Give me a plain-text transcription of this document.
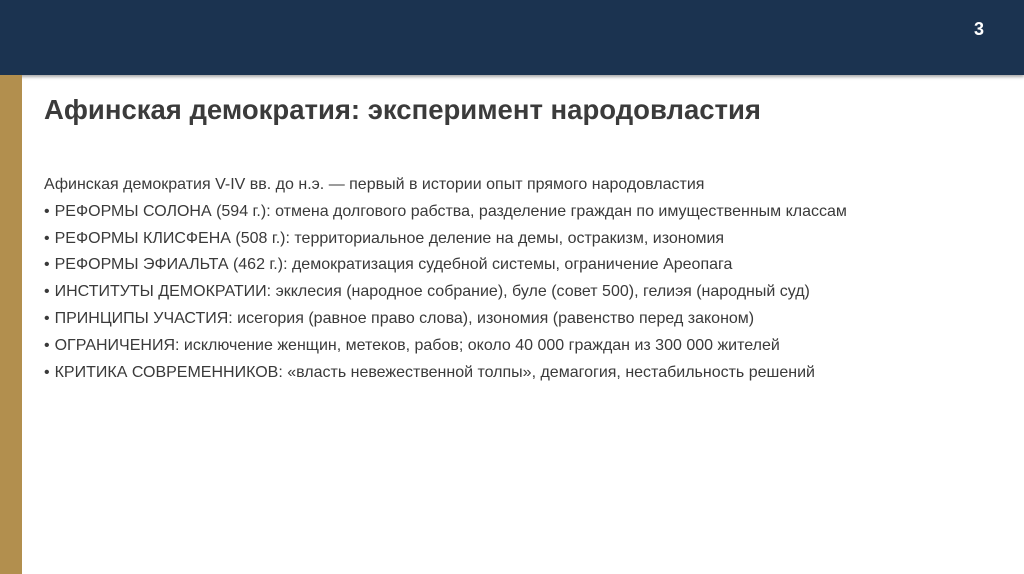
3
Афинская демократия: эксперимент народовластия

Афинская демократия V-IV вв. до н.э. — первый в истории опыт прямого народовластия

• РЕФОРМЫ СОЛОНА (594 г.): отмена долгового рабства, разделение граждан по имущественным классам

• РЕФОРМЫ КЛИСФЕНА (508 г.): территориальное деление на демы, остракизм, изономия

• РЕФОРМЫ ЭФИАЛЬТА (462 г.): демократизация судебной системы, ограничение Ареопага

• ИНСТИТУТЫ ДЕМОКРАТИИ: экклесия (народное собрание), буле (совет 500), гелиэя (народный суд)

• ПРИНЦИПЫ УЧАСТИЯ: исегория (равное право слова), изономия (равенство перед законом)

• ОГРАНИЧЕНИЯ: исключение женщин, метеков, рабов; около 40 000 граждан из 300 000 жителей

• КРИТИКА СОВРЕМЕННИКОВ: «власть невежественной толпы», демагогия, нестабильность решений
